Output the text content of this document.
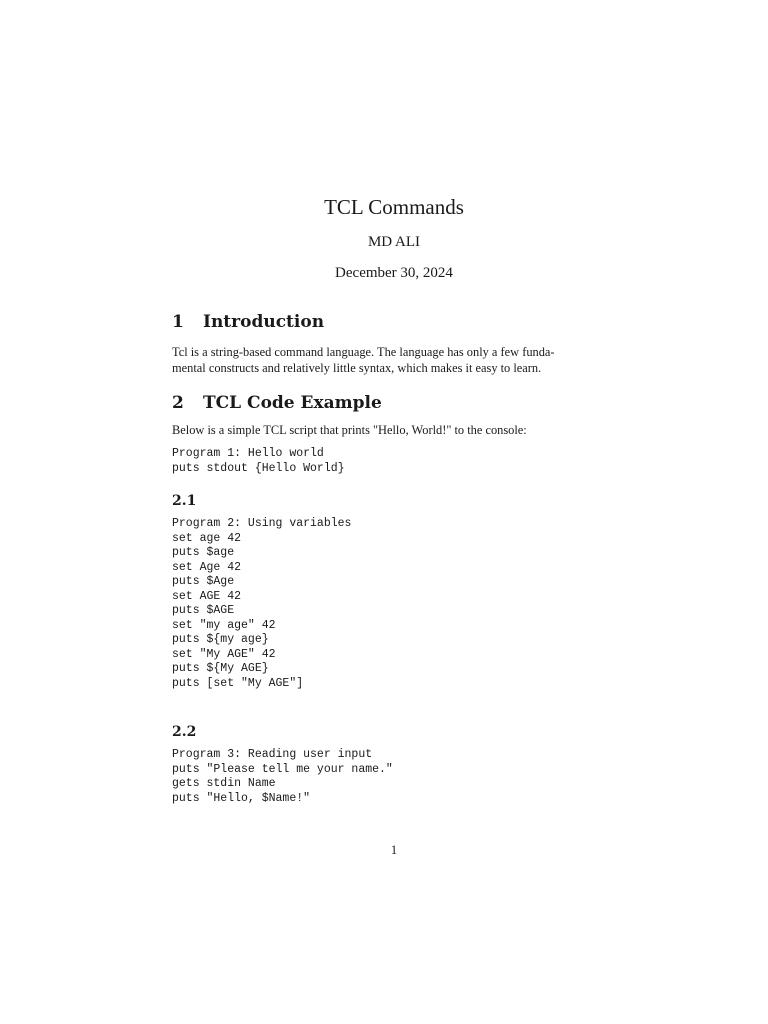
TCL Commands
MD ALI
December 30, 2024
1 Introduction
Tcl is a string-based command language. The language has only a few funda-
mental constructs and relatively little syntax, which makes it easy to learn.
2 TCL Code Example
Below is a simple TCL script that prints "Hello, World!" to the console:
Program 1: Hello world
puts stdout {Hello World}
2.1
Program 2: Using variables
set age 42
puts $age
set Age 42
puts $Age
set AGE 42
puts $AGE
set "my age" 42
puts ${my age}
set "My AGE" 42
puts ${My AGE}
puts [set "My AGE"]
2.2
Program 3: Reading user input
puts "Please tell me your name."
gets stdin Name
puts "Hello, $Name!"
1
